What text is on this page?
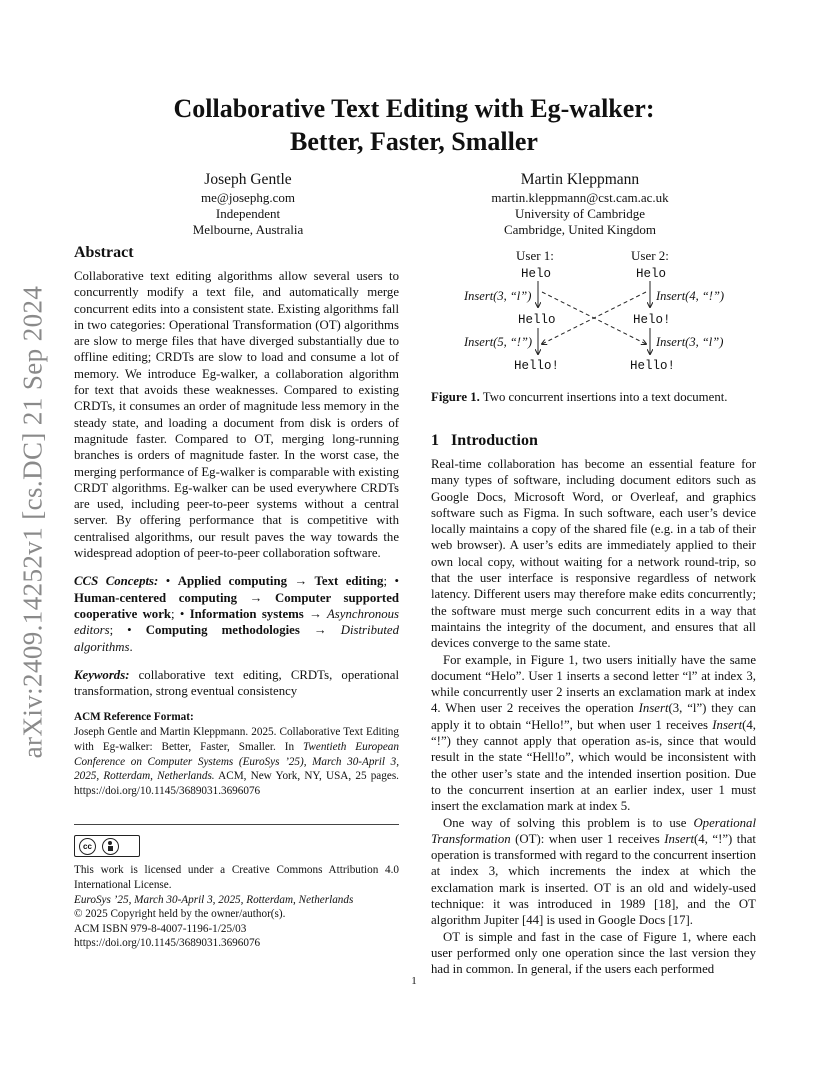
arXiv:2409.14252v1 [cs.DC] 21 Sep 2024
Collaborative Text Editing with Eg-walker:
Better, Faster, Smaller
Joseph Gentle
me@josephg.com
Independent
Melbourne, Australia
Martin Kleppmann
martin.kleppmann@cst.cam.ac.uk
University of Cambridge
Cambridge, United Kingdom
Abstract

Collaborative text editing algorithms allow several users to concurrently modify a text file, and automatically merge concurrent edits into a consistent state. Existing algorithms fall in two categories: Operational Transformation (OT) algorithms are slow to merge files that have diverged substantially due to offline editing; CRDTs are slow to load and consume a lot of memory. We introduce Eg-walker, a collaboration algorithm for text that avoids these weaknesses. Compared to existing CRDTs, it consumes an order of magnitude less memory in the steady state, and loading a document from disk is orders of magnitude faster. Compared to OT, merging long-running branches is orders of magnitude faster. In the worst case, the merging performance of Eg-walker is comparable with existing CRDT algorithms. Eg-walker can be used everywhere CRDTs are used, including peer-to-peer systems without a central server. By offering performance that is competitive with centralised algorithms, our result paves the way towards the widespread adoption of peer-to-peer collaboration software.

CCS Concepts: • Applied computing → Text editing; • Human-centered computing → Computer supported cooperative work; • Information systems → Asynchronous editors; • Computing methodologies → Distributed algorithms.

Keywords: collaborative text editing, CRDTs, operational transformation, strong eventual consistency

ACM Reference Format:

Joseph Gentle and Martin Kleppmann. 2025. Collaborative Text Editing with Eg-walker: Better, Faster, Smaller. In Twentieth European Conference on Computer Systems (EuroSys ’25), March 30-April 3, 2025, Rotterdam, Netherlands. ACM, New York, NY, USA, 25 pages. https://doi.org/10.1145/3689031.3696076

cc

This work is licensed under a Creative Commons Attribution 4.0 International License.

EuroSys ’25, March 30-April 3, 2025, Rotterdam, Netherlands

© 2025 Copyright held by the owner/author(s).

ACM ISBN 979-8-4007-1196-1/25/03

https://doi.org/10.1145/3689031.3696076

User 1:	User 2:
Helo
Hello
Hello!
Helo
Helo!
Hello!
Insert(3, “l”)
Insert(5, “!”)
Insert(4, “!”)
Insert(3, “l”)
Figure 1. Two concurrent insertions into a text document.
1 Introduction

Real-time collaboration has become an essential feature for many types of software, including document editors such as Google Docs, Microsoft Word, or Overleaf, and graphics software such as Figma. In such software, each user’s device locally maintains a copy of the shared file (e.g. in a tab of their web browser). A user’s edits are immediately applied to their own local copy, without waiting for a network round-trip, so that the user interface is responsive regardless of network latency. Different users may therefore make edits concurrently; the software must merge such concurrent edits in a way that maintains the integrity of the document, and ensures that all devices converge to the same state.

For example, in Figure 1, two users initially have the same document “Helo”. User 1 inserts a second letter “l” at index 3, while concurrently user 2 inserts an exclamation mark at index 4. When user 2 receives the operation Insert(3, “l”) they can apply it to obtain “Hello!”, but when user 1 receives Insert(4, “!”) they cannot apply that operation as-is, since that would result in the state “Hell!o”, which would be inconsistent with the other user’s state and the intended insertion position. Due to the concurrent insertion at an earlier index, user 1 must insert the exclamation mark at index 5.

One way of solving this problem is to use Operational Transformation (OT): when user 1 receives Insert(4, “!”) that operation is transformed with regard to the concurrent insertion at index 3, which increments the index at which the exclamation mark is inserted. OT is an old and widely-used technique: it was introduced in 1989 [18], and the OT algorithm Jupiter [44] is used in Google Docs [17].

OT is simple and fast in the case of Figure 1, where each user performed only one operation since the last version they had in common. In general, if the users each performed

1
